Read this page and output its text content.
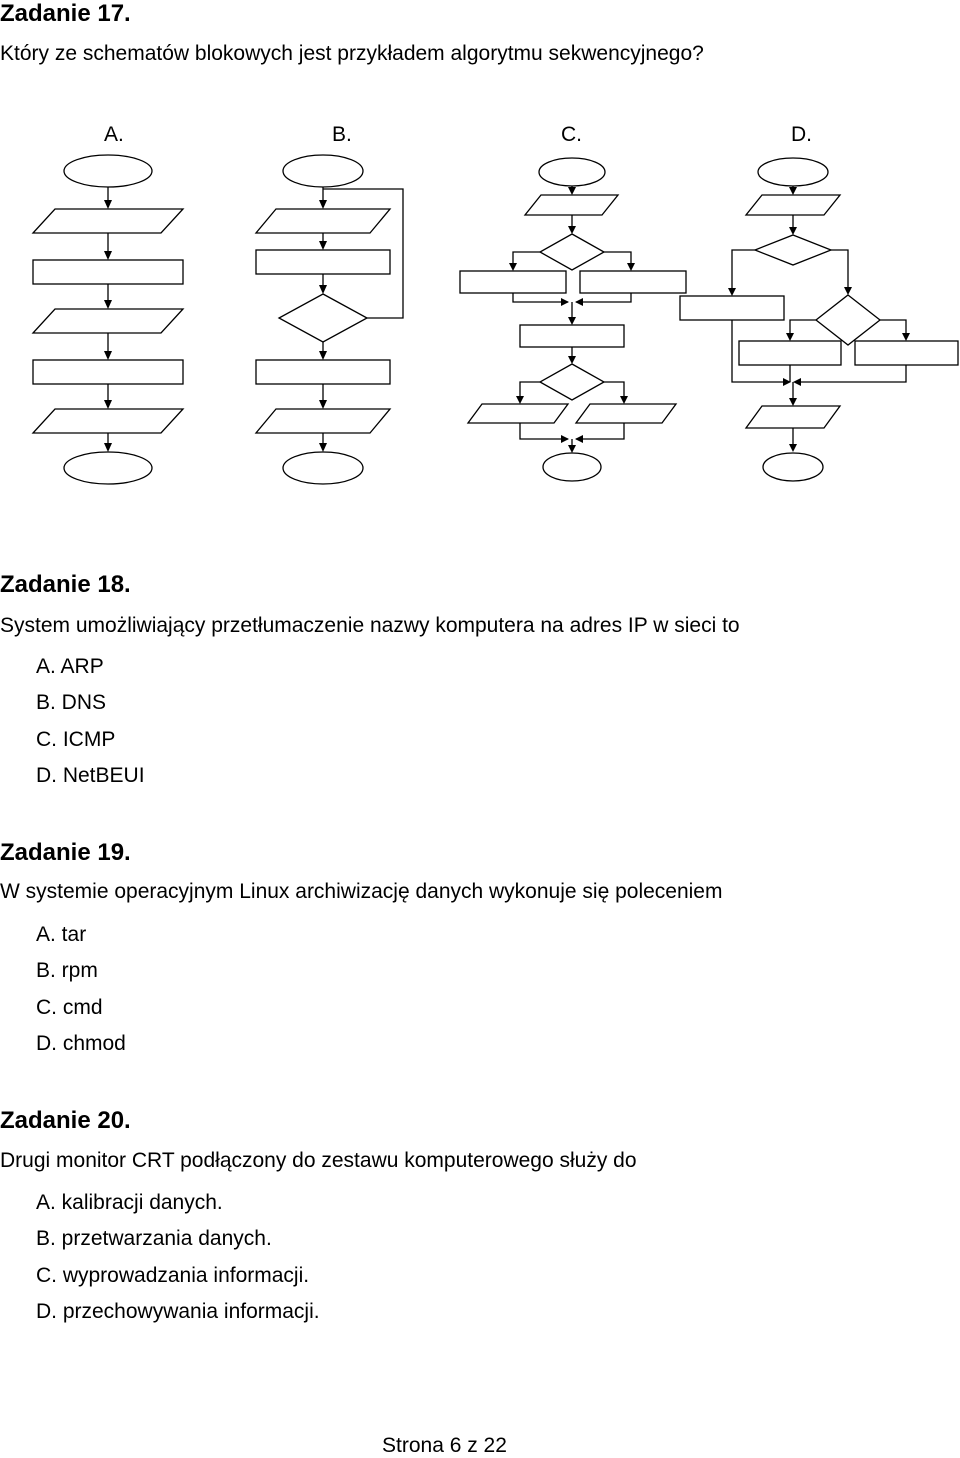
Zadanie 17.
Który ze schematów blokowych jest przykładem algorytmu sekwencyjnego?
A.	B.	C.	D.
Zadanie 18.
System umożliwiający przetłumaczenie nazwy komputera na adres IP w sieci to
A. ARP
B. DNS
C. ICMP
D. NetBEUI
Zadanie 19.
W systemie operacyjnym Linux archiwizację danych wykonuje się poleceniem
A. tar
B. rpm
C. cmd
D. chmod
Zadanie 20.
Drugi monitor CRT podłączony do zestawu komputerowego służy do
A. kalibracji danych.
B. przetwarzania danych.
C. wyprowadzania informacji.
D. przechowywania informacji.
Strona 6 z 22
